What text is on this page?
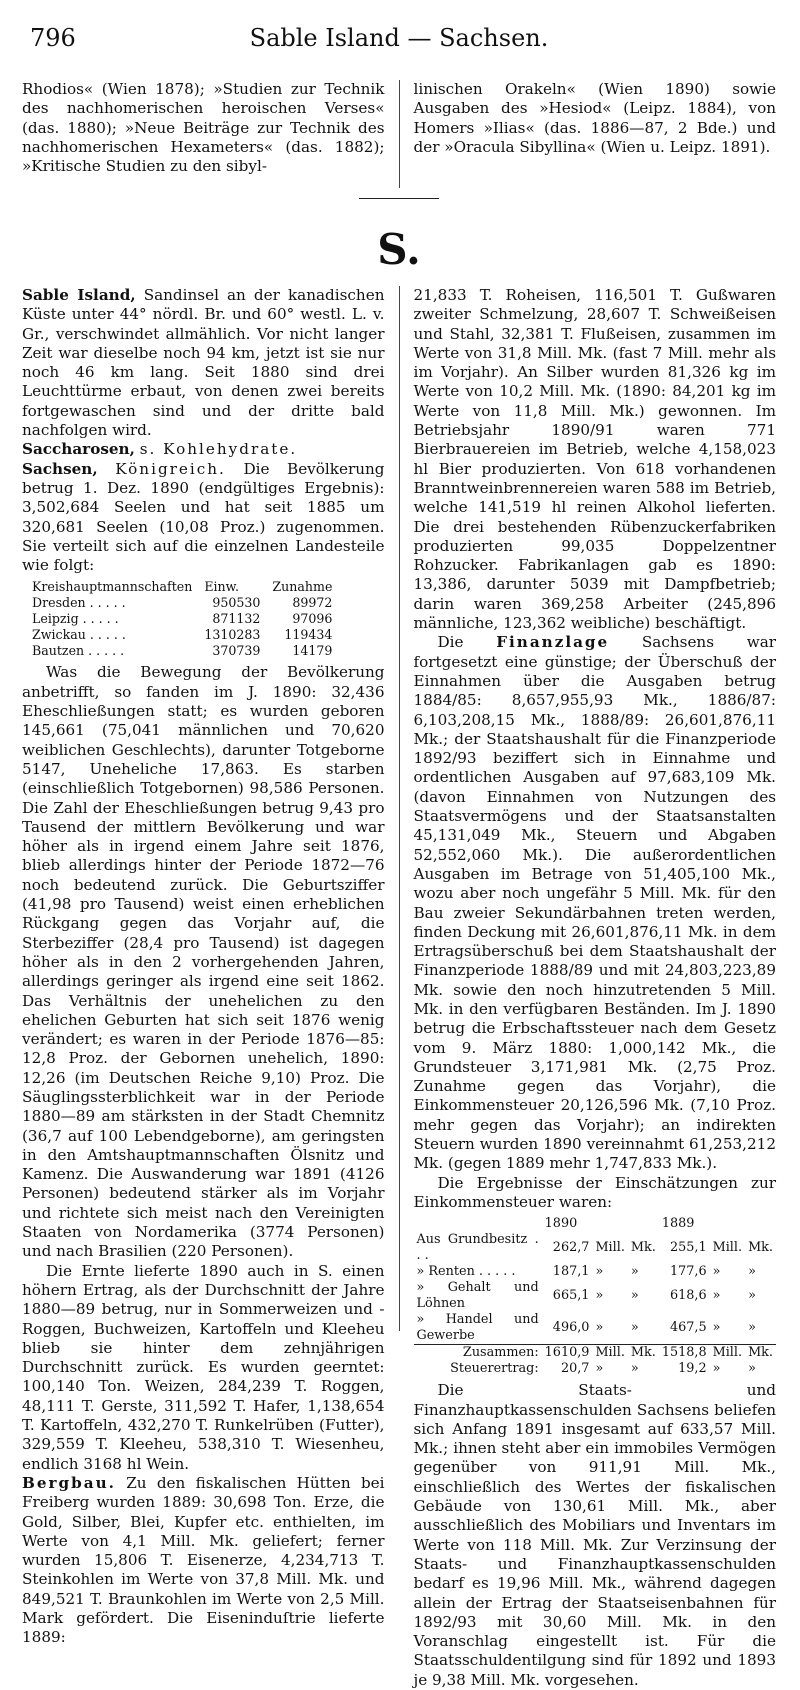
796	Sable Island — Sachsen.

Rhodios« (Wien 1878); »Studien zur Technik des nachhomerischen heroischen Verses« (das. 1880); »Neue Beiträge zur Technik des nachhomerischen Hexameters« (das. 1882); »Kritische Studien zu den sibyl-

linischen Orakeln« (Wien 1890) sowie Ausgaben des »Hesiod« (Leipz. 1884), von Homers »Ilias« (das. 1886—87, 2 Bde.) und der »Oracula Sibyllina« (Wien u. Leipz. 1891).

S.

Sable Island, Sandinsel an der kanadischen Küste unter 44° nördl. Br. und 60° westl. L. v. Gr., verschwindet allmählich. Vor nicht langer Zeit war dieselbe noch 94 km, jetzt ist sie nur noch 46 km lang. Seit 1880 sind drei Leuchttürme erbaut, von denen zwei bereits fortgewaschen sind und der dritte bald nachfolgen wird.

Saccharosen, s. Kohlehydrate.

Sachsen, Königreich. Die Bevölkerung betrug 1. Dez. 1890 (endgültiges Ergebnis): 3,502,684 Seelen und hat seit 1885 um 320,681 Seelen (10,08 Proz.) zugenommen. Sie verteilt sich auf die einzelnen Landesteile wie folgt:

Kreishauptmannschaften	Einw.	Zunahme
Dresden . . . . .	950530	89972
Leipzig . . . . .	871132	97096
Zwickau . . . . .	1310283	119434
Bautzen . . . . .	370739	14179

Was die Bewegung der Bevölkerung anbetrifft, so fanden im J. 1890: 32,436 Eheschließungen statt; es wurden geboren 145,661 (75,041 männlichen und 70,620 weiblichen Geschlechts), darunter Totgeborne 5147, Uneheliche 17,863. Es starben (einschließlich Totgebornen) 98,586 Personen. Die Zahl der Eheschließungen betrug 9,43 pro Tausend der mittlern Bevölkerung und war höher als in irgend einem Jahre seit 1876, blieb allerdings hinter der Periode 1872—76 noch bedeutend zurück. Die Geburtsziffer (41,98 pro Tausend) weist einen erheblichen Rückgang gegen das Vorjahr auf, die Sterbeziffer (28,4 pro Tausend) ist dagegen höher als in den 2 vorhergehenden Jahren, allerdings geringer als irgend eine seit 1862. Das Verhältnis der unehelichen zu den ehelichen Geburten hat sich seit 1876 wenig verändert; es waren in der Periode 1876—85: 12,8 Proz. der Gebornen unehelich, 1890: 12,26 (im Deutschen Reiche 9,10) Proz. Die Säuglingssterblichkeit war in der Periode 1880—89 am stärksten in der Stadt Chemnitz (36,7 auf 100 Lebendgeborne), am geringsten in den Amtshauptmannschaften Ölsnitz und Kamenz. Die Auswanderung war 1891 (4126 Personen) bedeutend stärker als im Vorjahr und richtete sich meist nach den Vereinigten Staaten von Nordamerika (3774 Personen) und nach Brasilien (220 Personen).

Die Ernte lieferte 1890 auch in S. einen höhern Ertrag, als der Durchschnitt der Jahre 1880—89 betrug, nur in Sommerweizen und -Roggen, Buchweizen, Kartoffeln und Kleeheu blieb sie hinter dem zehnjährigen Durchschnitt zurück. Es wurden geerntet: 100,140 Ton. Weizen, 284,239 T. Roggen, 48,111 T. Gerste, 311,592 T. Hafer, 1,138,654 T. Kartoffeln, 432,270 T. Runkelrüben (Futter), 329,559 T. Kleeheu, 538,310 T. Wiesenheu, endlich 3168 hl Wein.

Bergbau. Zu den fiskalischen Hütten bei Freiberg wurden 1889: 30,698 Ton. Erze, die Gold, Silber, Blei, Kupfer etc. enthielten, im Werte von 4,1 Mill. Mk. geliefert; ferner wurden 15,806 T. Eisenerze, 4,234,713 T. Steinkohlen im Werte von 37,8 Mill. Mk. und 849,521 T. Braunkohlen im Werte von 2,5 Mill. Mark gefördert. Die Eiseninduſtrie lieferte 1889:

21,833 T. Roheisen, 116,501 T. Gußwaren zweiter Schmelzung, 28,607 T. Schweißeisen und Stahl, 32,381 T. Flußeisen, zusammen im Werte von 31,8 Mill. Mk. (fast 7 Mill. mehr als im Vorjahr). An Silber wurden 81,326 kg im Werte von 10,2 Mill. Mk. (1890: 84,201 kg im Werte von 11,8 Mill. Mk.) gewonnen. Im Betriebsjahr 1890/91 waren 771 Bierbrauereien im Betrieb, welche 4,158,023 hl Bier produzierten. Von 618 vorhandenen Branntweinbrennereien waren 588 im Betrieb, welche 141,519 hl reinen Alkohol lieferten. Die drei bestehenden Rübenzuckerfabriken produzierten 99,035 Doppelzentner Rohzucker. Fabrikanlagen gab es 1890: 13,386, darunter 5039 mit Dampfbetrieb; darin waren 369,258 Arbeiter (245,896 männliche, 123,362 weibliche) beschäftigt.

Die Finanzlage Sachsens war fortgesetzt eine günstige; der Überschuß der Einnahmen über die Ausgaben betrug 1884/85: 8,657,955,93 Mk., 1886/87: 6,103,208,15 Mk., 1888/89: 26,601,876,11 Mk.; der Staatshaushalt für die Finanzperiode 1892/93 beziffert sich in Einnahme und ordentlichen Ausgaben auf 97,683,109 Mk. (davon Einnahmen von Nutzungen des Staatsvermögens und der Staatsanstalten 45,131,049 Mk., Steuern und Abgaben 52,552,060 Mk.). Die außerordentlichen Ausgaben im Betrage von 51,405,100 Mk., wozu aber noch ungefähr 5 Mill. Mk. für den Bau zweier Sekundärbahnen treten werden, finden Deckung mit 26,601,876,11 Mk. in dem Ertragsüberschuß bei dem Staatshaushalt der Finanzperiode 1888/89 und mit 24,803,223,89 Mk. sowie den noch hinzutretenden 5 Mill. Mk. in den verfügbaren Beständen. Im J. 1890 betrug die Erbschaftssteuer nach dem Gesetz vom 9. März 1880: 1,000,142 Mk., die Grundsteuer 3,171,981 Mk. (2,75 Proz. Zunahme gegen das Vorjahr), die Einkommensteuer 20,126,596 Mk. (7,10 Proz. mehr gegen das Vorjahr); an indirekten Steuern wurden 1890 vereinnahmt 61,253,212 Mk. (gegen 1889 mehr 1,747,833 Mk.).

Die Ergebnisse der Einschätzungen zur Einkommensteuer waren:

	1890			1889		
Aus Grundbesitz . . .	262,7	Mill.	Mk.	255,1	Mill.	Mk.
» Renten . . . . .	187,1	»	»	177,6	»	»
» Gehalt und Löhnen	665,1	»	»	618,6	»	»
» Handel und Gewerbe	496,0	»	»	467,5	»	»
Zusammen:	1610,9	Mill.	Mk.	1518,8	Mill.	Mk.
Steuerertrag:	20,7	»	»	19,2	»	»

Die Staats- und Finanzhauptkassenschulden Sachsens beliefen sich Anfang 1891 insgesamt auf 633,57 Mill. Mk.; ihnen steht aber ein immobiles Vermögen gegenüber von 911,91 Mill. Mk., einschließlich des Wertes der fiskalischen Gebäude von 130,61 Mill. Mk., aber ausschließlich des Mobiliars und Inventars im Werte von 118 Mill. Mk. Zur Verzinsung der Staats- und Finanzhauptkassenschulden bedarf es 19,96 Mill. Mk., während dagegen allein der Ertrag der Staatseisenbahnen für 1892/93 mit 30,60 Mill. Mk. in den Voranschlag eingestellt ist. Für die Staatsschuldentilgung sind für 1892 und 1893 je 9,38 Mill. Mk. vorgesehen.
